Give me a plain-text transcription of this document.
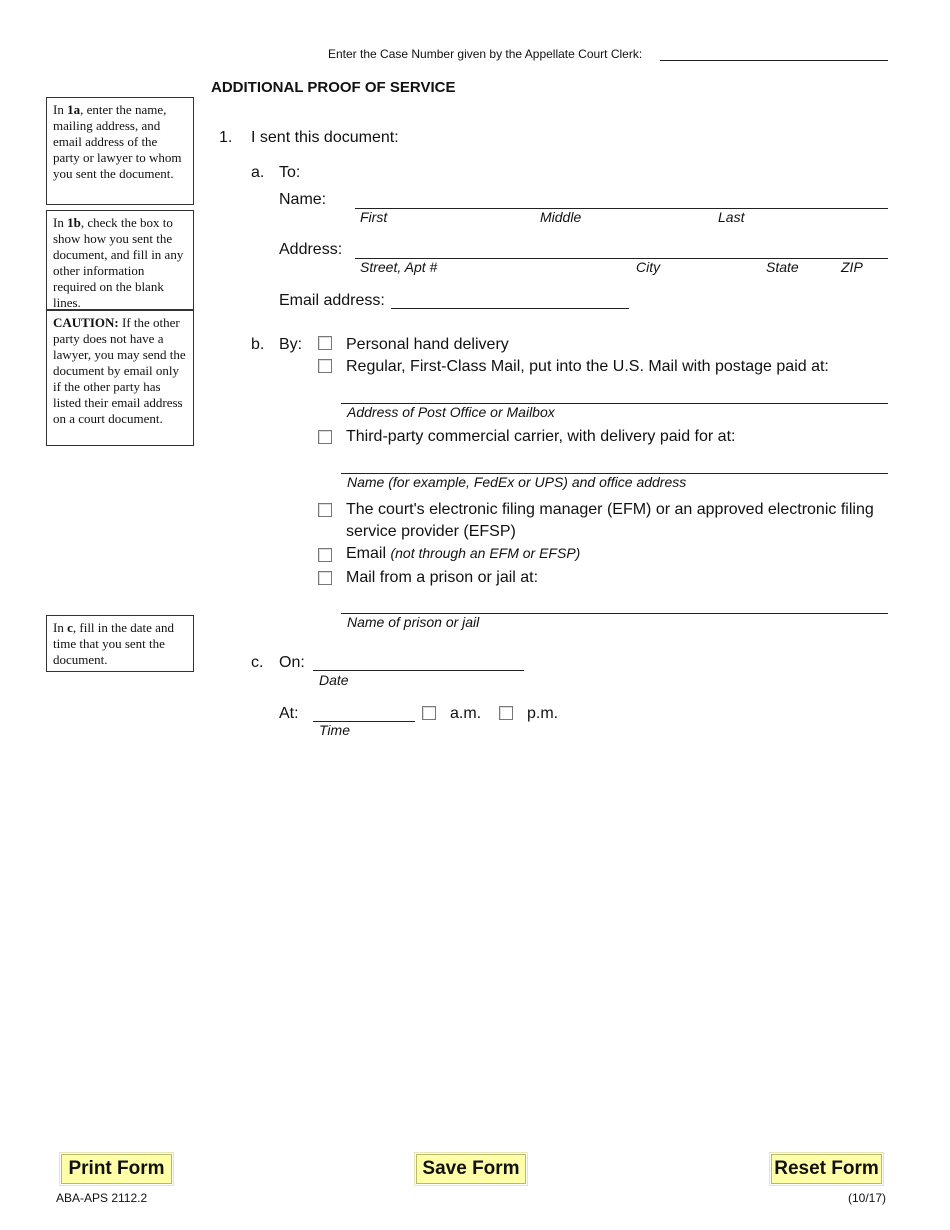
Enter the Case Number given by the Appellate Court Clerk:
ADDITIONAL PROOF OF SERVICE
In 1a, enter the name, mailing address, and email address of the party or lawyer to whom you sent the document.
In 1b, check the box to show how you sent the document, and fill in any other information required on the blank lines.
CAUTION: If the other party does not have a lawyer, you may send the document by email only if the other party has listed their email address on a court document.
In c, fill in the date and time that you sent the document.
1. I sent this document:
a. To:
Name:
First	Middle	Last
Address:
Street, Apt #	City	State	ZIP
Email address:
b. By:	Personal hand delivery
Regular, First-Class Mail, put into the U.S. Mail with postage paid at:
Address of Post Office or Mailbox
Third-party commercial carrier, with delivery paid for at:
Name (for example, FedEx or UPS) and office address
The court's electronic filing manager (EFM) or an approved electronic filing
service provider (EFSP)
Email (not through an EFM or EFSP)
Mail from a prison or jail at:
Name of prison or jail
c. On:
Date
At:
Time
a.m.	p.m.
Print Form	Save Form	Reset Form
ABA-APS 2112.2	(10/17)
